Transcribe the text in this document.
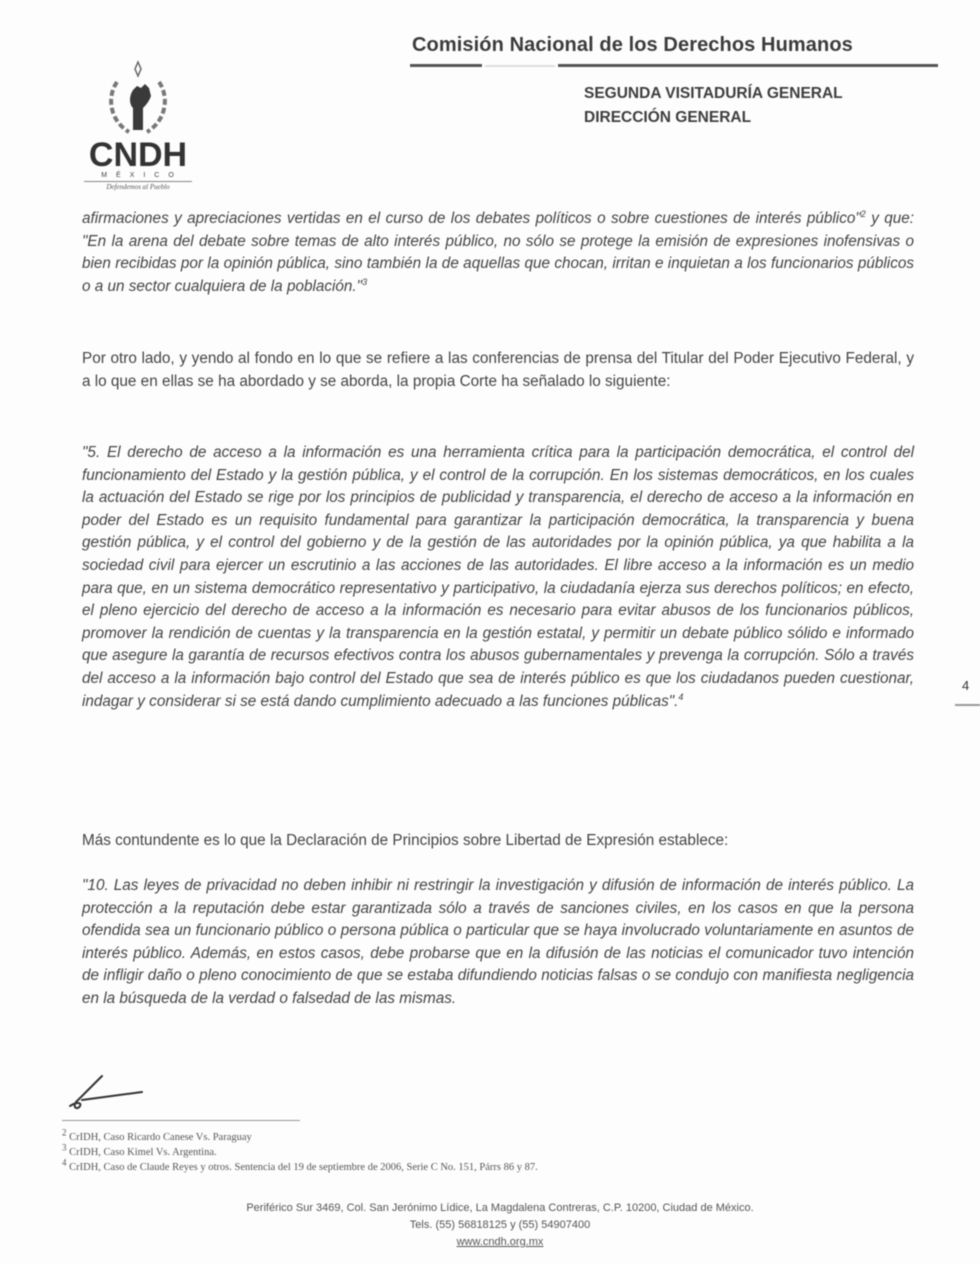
CNDH
MÉXICO
Defendemos al Pueblo
Comisión Nacional de los Derechos Humanos
SEGUNDA VISITADURÍA GENERAL
DIRECCIÓN GENERAL
afirmaciones y apreciaciones vertidas en el curso de los debates políticos o sobre cuestiones de interés público"$^2$ y que: "En la arena del debate sobre temas de alto interés público, no sólo se protege la emisión de expresiones inofensivas o bien recibidas por la opinión pública, sino también la de aquellas que chocan, irritan e inquietan a los funcionarios públicos o a un sector cualquiera de la población."$^3$
Por otro lado, y yendo al fondo en lo que se refiere a las conferencias de prensa del Titular del Poder Ejecutivo Federal, y a lo que en ellas se ha abordado y se aborda, la propia Corte ha señalado lo siguiente:
"5. El derecho de acceso a la información es una herramienta crítica para la participación democrática, el control del funcionamiento del Estado y la gestión pública, y el control de la corrupción. En los sistemas democráticos, en los cuales la actuación del Estado se rige por los principios de publicidad y transparencia, el derecho de acceso a la información en poder del Estado es un requisito fundamental para garantizar la participación democrática, la transparencia y buena gestión pública, y el control del gobierno y de la gestión de las autoridades por la opinión pública, ya que habilita a la sociedad civil para ejercer un escrutinio a las acciones de las autoridades. El libre acceso a la información es un medio para que, en un sistema democrático representativo y participativo, la ciudadanía ejerza sus derechos políticos; en efecto, el pleno ejercicio del derecho de acceso a la información es necesario para evitar abusos de los funcionarios públicos, promover la rendición de cuentas y la transparencia en la gestión estatal, y permitir un debate público sólido e informado que asegure la garantía de recursos efectivos contra los abusos gubernamentales y prevenga la corrupción. Sólo a través del acceso a la información bajo control del Estado que sea de interés público es que los ciudadanos pueden cuestionar, indagar y considerar si se está dando cumplimiento adecuado a las funciones públicas".$^4$
Más contundente es lo que la Declaración de Principios sobre Libertad de Expresión establece:
"10. Las leyes de privacidad no deben inhibir ni restringir la investigación y difusión de información de interés público. La protección a la reputación debe estar garantizada sólo a través de sanciones civiles, en los casos en que la persona ofendida sea un funcionario público o persona pública o particular que se haya involucrado voluntariamente en asuntos de interés público. Además, en estos casos, debe probarse que en la difusión de las noticias el comunicador tuvo intención de infligir daño o pleno conocimiento de que se estaba difundiendo noticias falsas o se condujo con manifiesta negligencia en la búsqueda de la verdad o falsedad de las mismas.
4
$^2$ CrIDH, Caso Ricardo Canese Vs. Paraguay
$^3$ CrIDH, Caso Kimel Vs. Argentina.
$^4$ CrIDH, Caso de Claude Reyes y otros. Sentencia del 19 de septiembre de 2006, Serie C No. 151, Párrs 86 y 87.
Periférico Sur 3469, Col. San Jerónimo Lídice, La Magdalena Contreras, C.P. 10200, Ciudad de México.
Tels. (55) 56818125 y (55) 54907400
www.cndh.org.mx
